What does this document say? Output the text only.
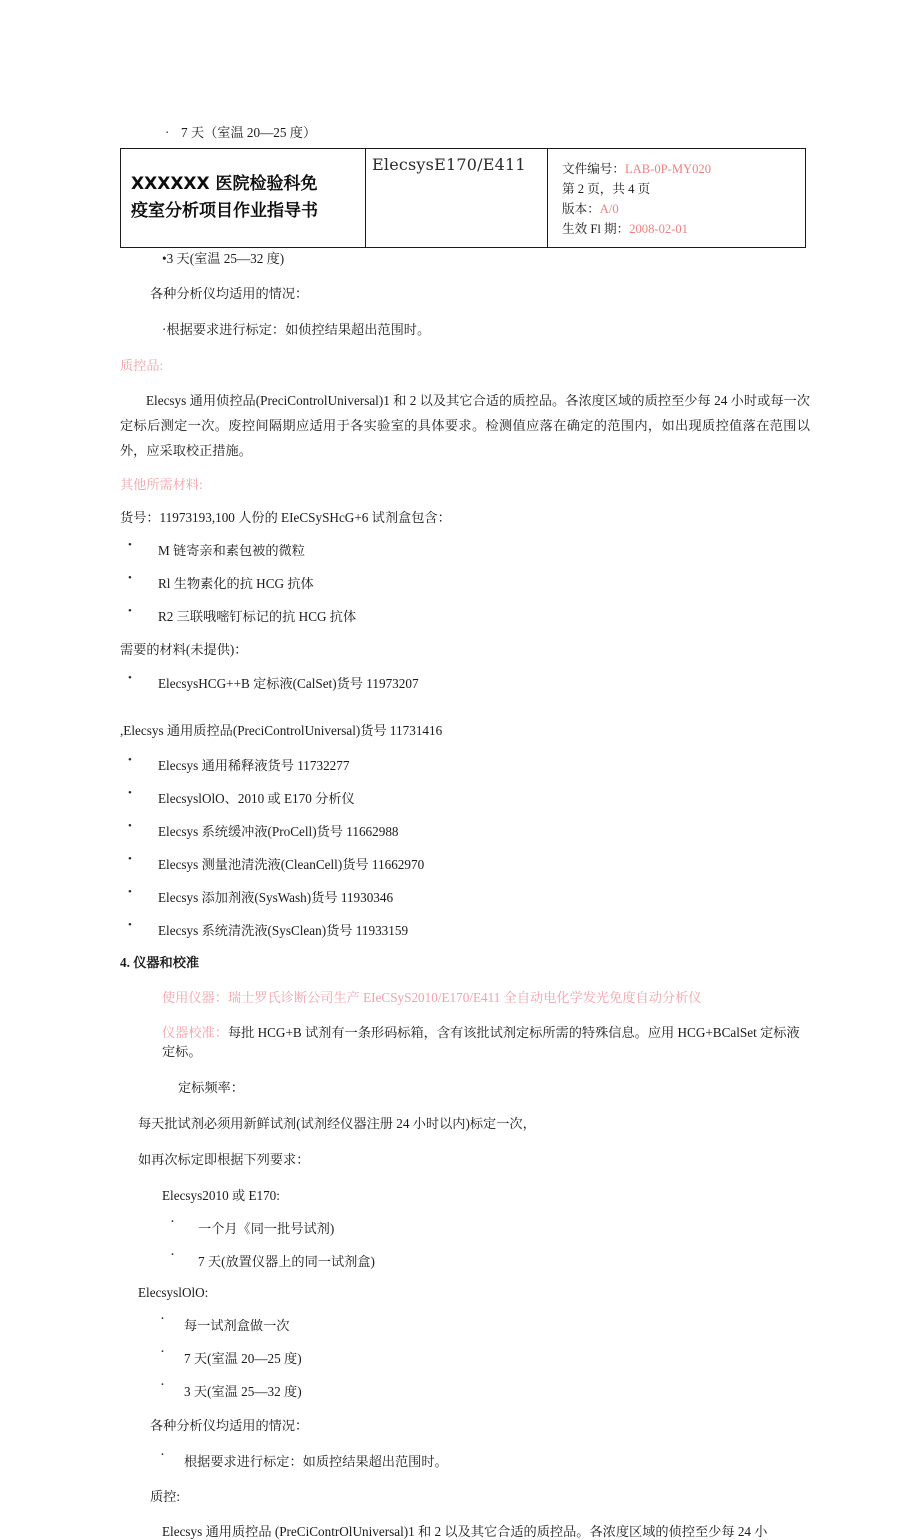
· 7 天（室温 20—25 度）
XXXXXX 医院检验科免
疫室分析项目作业指导书

ElecsysE170/E411	文件编号：LAB-0P-MY020
第 2 页，共 4 页
版本：A/0
生效 Fl 期：2008-02-01
•3 天(室温 25—32 度)
各种分析仪均适用的情况：
·根据要求进行标定：如侦控结果超出范围时。
质控品:
Elecsys 通用侦控品(PreciControlUniversal)1 和 2 以及其它合适的质控品。各浓度区域的质控至少每 24 小时或每一次定标后测定一次。废控间隔期应适用于各实验室的具体要求。检测值应落在确定的范围内，如出现质控值落在范围以外，应采取校正措施。
其他所需材料:
货号：11973193,100 人份的 EIeCSySHcG+6 试剂盒包含：
• M 链寄亲和素包被的微粒
• Rl 生物素化的抗 HCG 抗体
• R2 三联哦嘧钉标记的抗 HCG 抗体
需要的材料(未提供)：
• ElecsysHCG++B 定标液(CalSet)货号 11973207
,Elecsys 通用质控品(PreciControlUniversal)货号 11731416
• Elecsys 通用稀释液货号 11732277
• ElecsyslOlO、2010 或 E170 分析仪
• Elecsys 系统缓冲液(ProCell)货号 11662988
• Elecsys 测量池清洗液(CleanCell)货号 11662970
• Elecsys 添加剂液(SysWash)货号 11930346
• Elecsys 系统清洗液(SysClean)货号 11933159
4. 仪器和校准
使用仪器：瑞士罗氏诊断公司生产 EIeCSyS2010/E170/E411 全自动电化学发光免度自动分析仪
仪器校准：每批 HCG+B 试剂有一条形码标箱，含有该批试剂定标所需的特殊信息。应用 HCG+BCalSet 定标液定标。
定标频率：
每天批试剂必须用新鲜试剂(试剂经仪器注册 24 小时以内)标定一次，
如再次标定即根据下列要求：
Elecsys2010 或 E170:
· 一个月《同一批号试剂)
· 7 天(放置仪器上的同一试剂盒)
ElecsyslOlO:
· 每一试剂盒做一次
· 7 天(室温 20—25 度)
· 3 天(室温 25—32 度)
各种分析仪均适用的情况：
· 根据要求进行标定：如质控结果超出范围时。
质控:
Elecsys 通用质控品 (PreCiContrOlUniversal)1 和 2 以及其它合适的质控品。各浓度区域的侦控至少每 24 小
